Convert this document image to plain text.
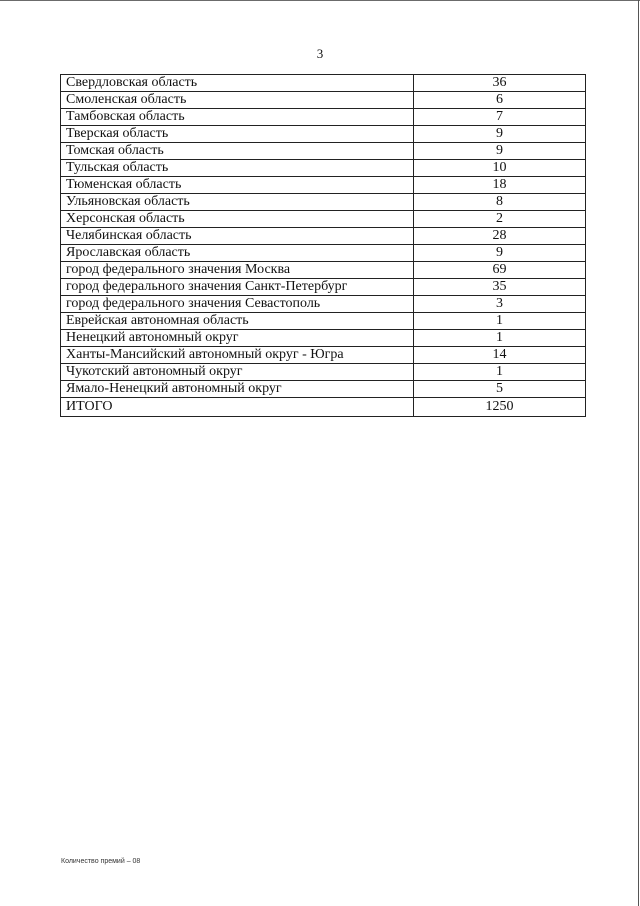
3
Свердловская область	36
Смоленская область	6
Тамбовская область	7
Тверская область	9
Томская область	9
Тульская область	10
Тюменская область	18
Ульяновская область	8
Херсонская область	2
Челябинская область	28
Ярославская область	9
город федерального значения Москва	69
город федерального значения Санкт-Петербург	35
город федерального значения Севастополь	3
Еврейская автономная область	1
Ненецкий автономный округ	1
Ханты-Мансийский автономный округ - Югра	14
Чукотский автономный округ	1
Ямало-Ненецкий автономный округ	5
ИТОГО	1250
Количество премий – 08
